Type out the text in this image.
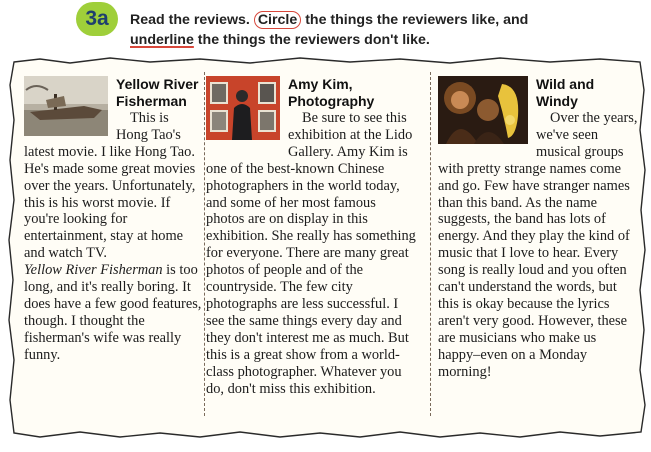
3a	Read the reviews. Circle the things the reviewers like, and
underline the things the reviewers don't like.
Yellow River Fisherman
This is Hong Tao's latest movie. I like Hong Tao. He's made some great movies over the years. Unfortunately, this is his worst movie. If you're looking for entertainment, stay at home and watch TV.
Yellow River Fisherman is too long, and it's really boring. It does have a few good features, though. I thought the fisherman's wife was really funny.
Amy Kim, Photography
Be sure to see this exhibition at the Lido Gallery. Amy Kim is one of the best-known Chinese photographers in the world today, and some of her most famous photos are on display in this exhibition. She really has something for everyone. There are many great photos of people and of the countryside. The few city photographs are less successful. I see the same things every day and they don't interest me as much. But this is a great show from a world-class photographer. Whatever you do, don't miss this exhibition.
Wild and Windy
Over the years, we've seen musical groups with pretty strange names come and go. Few have stranger names than this band. As the name suggests, the band has lots of energy. And they play the kind of music that I love to hear. Every song is really loud and you often can't understand the words, but this is okay because the lyrics aren't very good. However, these are musicians who make us happy–even on a Monday morning!
